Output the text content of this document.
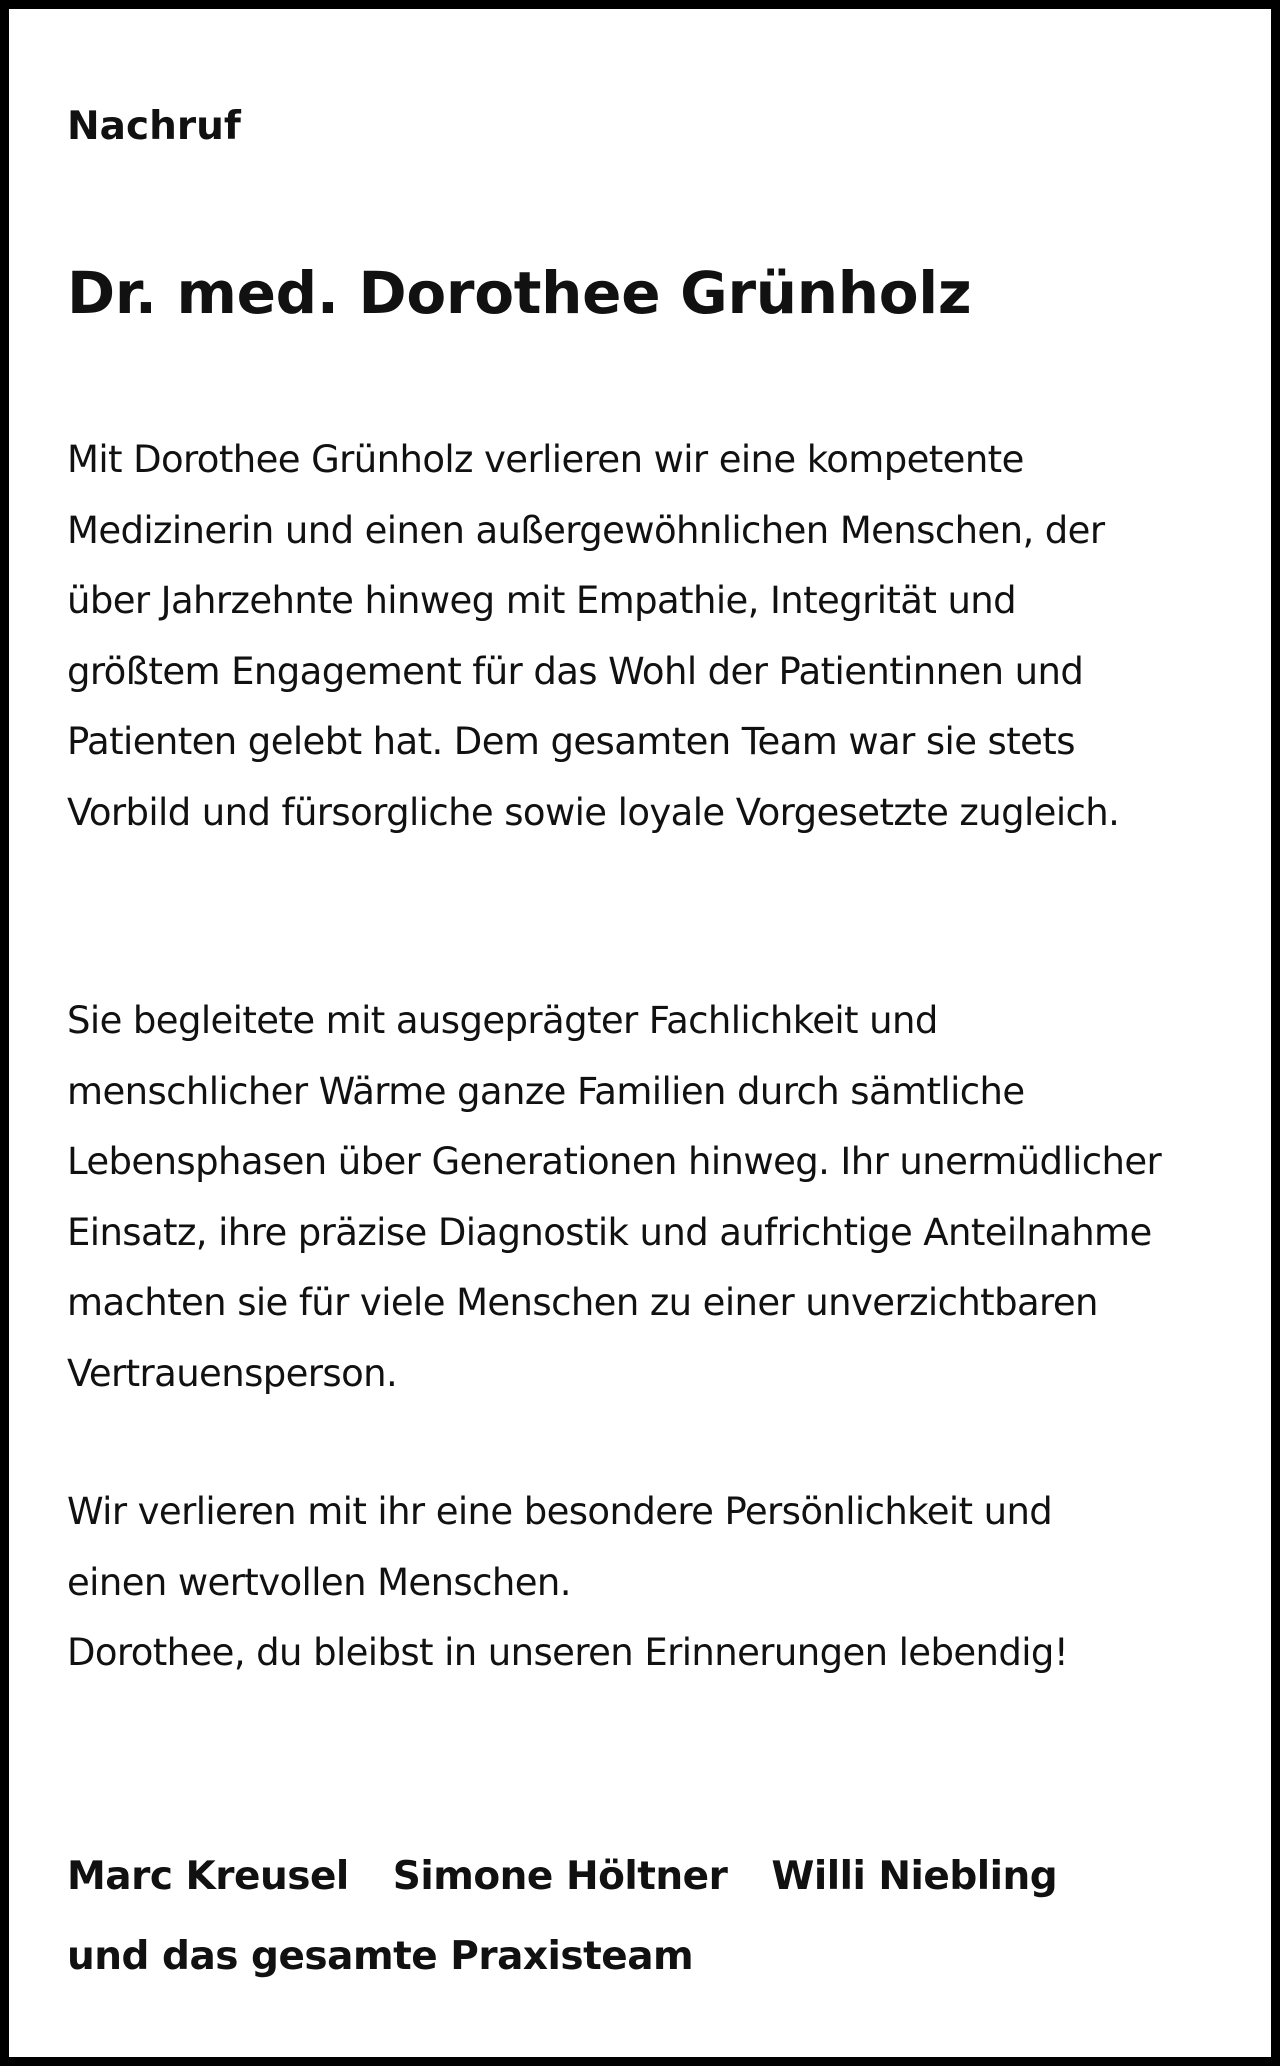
Nachruf
Dr. med. Dorothee Grünholz

Mit Dorothee Grünholz verlieren wir eine kompetente
Medizinerin und einen außergewöhnlichen Menschen, der
über Jahrzehnte hinweg mit Empathie, Integrität und
größtem Engagement für das Wohl der Patientinnen und
Patienten gelebt hat. Dem gesamten Team war sie stets
Vorbild und fürsorgliche sowie loyale Vorgesetzte zugleich.

Sie begleitete mit ausgeprägter Fachlichkeit und
menschlicher Wärme ganze Familien durch sämtliche
Lebensphasen über Generationen hinweg. Ihr unermüdlicher
Einsatz, ihre präzise Diagnostik und aufrichtige Anteilnahme
machten sie für viele Menschen zu einer unverzichtbaren
Vertrauensperson.

Wir verlieren mit ihr eine besondere Persönlichkeit und
einen wertvollen Menschen.
Dorothee, du bleibst in unseren Erinnerungen lebendig!

Marc Kreusel Simone Höltner Willi Niebling
und das gesamte Praxisteam
